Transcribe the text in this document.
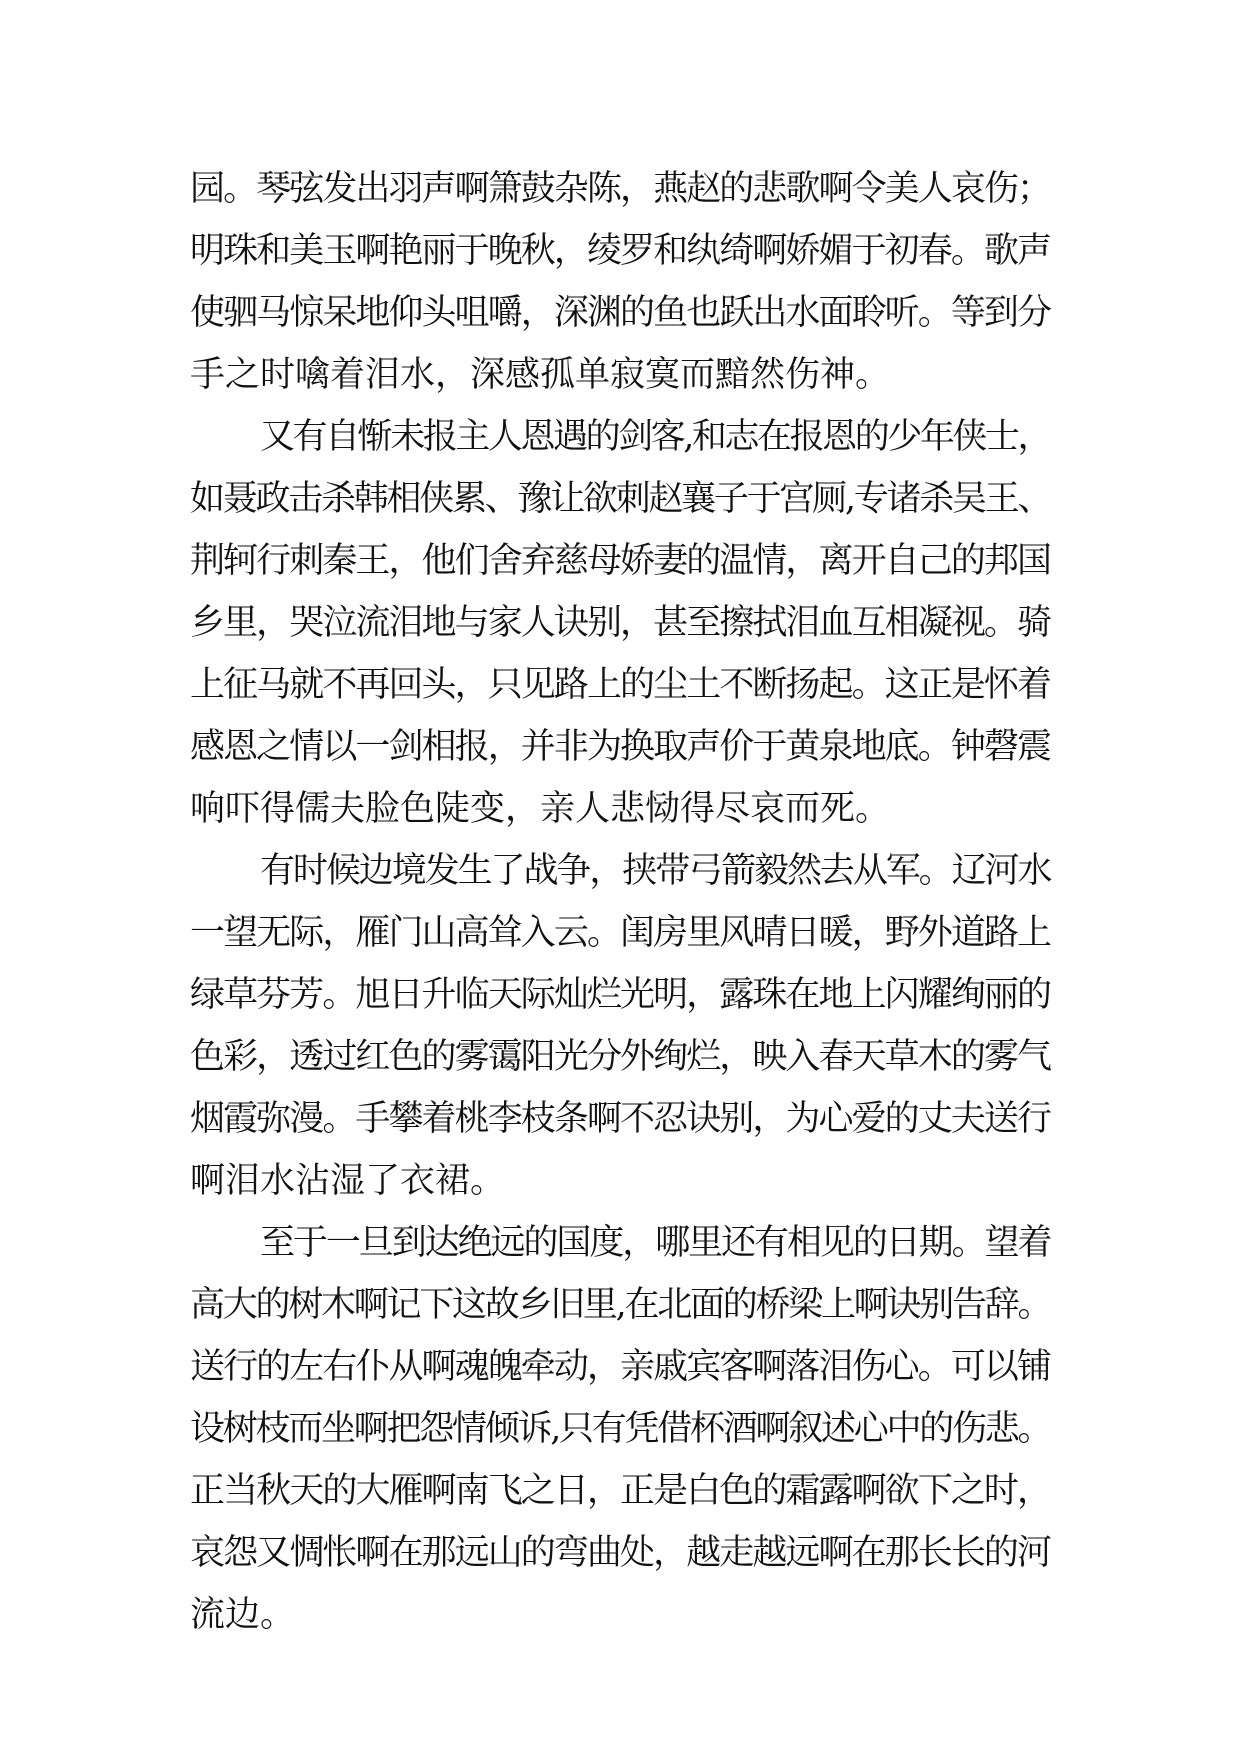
园。琴弦发出羽声啊箫鼓杂陈，燕赵的悲歌啊令美人哀伤；
明珠和美玉啊艳丽于晚秋，绫罗和纨绮啊娇媚于初春。歌声
使驷马惊呆地仰头咀嚼，深渊的鱼也跃出水面聆听。等到分
手之时噙着泪水，深感孤单寂寞而黯然伤神。
又有自惭未报主人恩遇的剑客,和志在报恩的少年侠士，
如聂政击杀韩相侠累、豫让欲刺赵襄子于宫厕,专诸杀吴王、
荆轲行刺秦王，他们舍弃慈母娇妻的温情，离开自己的邦国
乡里，哭泣流泪地与家人诀别，甚至擦拭泪血互相凝视。骑
上征马就不再回头，只见路上的尘土不断扬起。这正是怀着
感恩之情以一剑相报，并非为换取声价于黄泉地底。钟磬震
响吓得儒夫脸色陡变，亲人悲恸得尽哀而死。
有时候边境发生了战争，挟带弓箭毅然去从军。辽河水
一望无际，雁门山高耸入云。闺房里风晴日暖，野外道路上
绿草芬芳。旭日升临天际灿烂光明，露珠在地上闪耀绚丽的
色彩，透过红色的雾霭阳光分外绚烂，映入春天草木的雾气
烟霞弥漫。手攀着桃李枝条啊不忍诀别，为心爱的丈夫送行
啊泪水沾湿了衣裙。
至于一旦到达绝远的国度，哪里还有相见的日期。望着
高大的树木啊记下这故乡旧里,在北面的桥梁上啊诀别告辞。
送行的左右仆从啊魂魄牵动，亲戚宾客啊落泪伤心。可以铺
设树枝而坐啊把怨情倾诉,只有凭借杯酒啊叙述心中的伤悲。
正当秋天的大雁啊南飞之日，正是白色的霜露啊欲下之时，
哀怨又惆怅啊在那远山的弯曲处，越走越远啊在那长长的河
流边。
